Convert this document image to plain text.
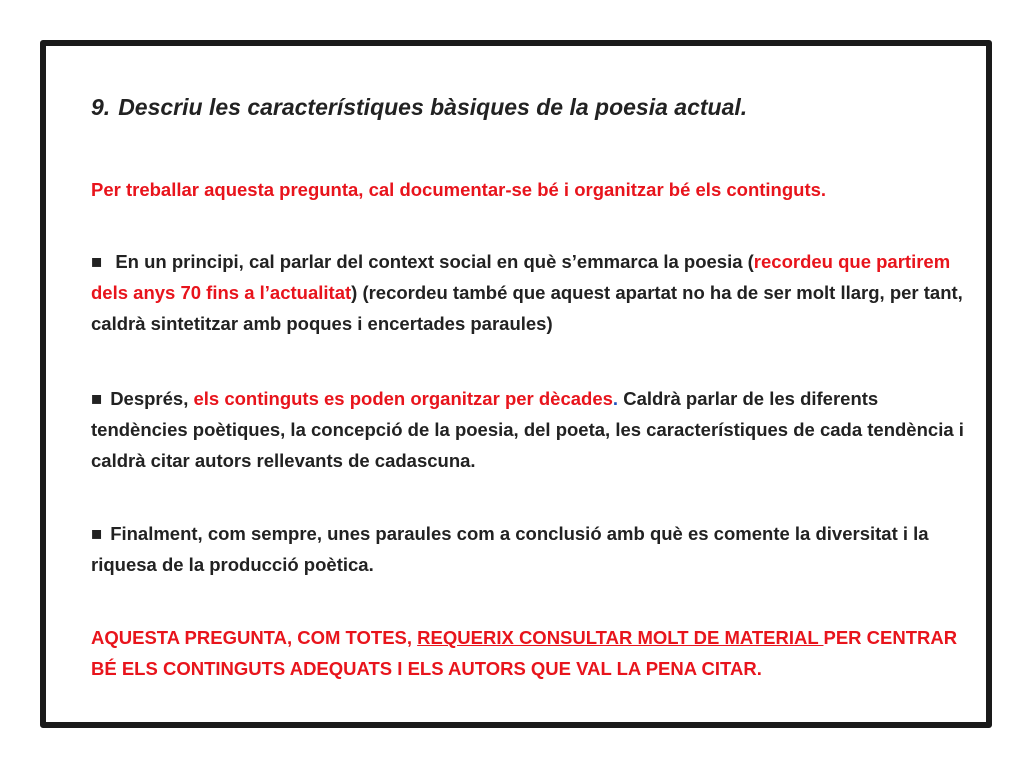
9. Descriu les característiques bàsiques de la poesia actual.

Per treballar aquesta pregunta, cal documentar-se bé i organitzar bé els continguts.

■ En un principi, cal parlar del context social en què s’emmarca la poesia (recordeu que partirem dels anys 70 fins a l’actualitat) (recordeu també que aquest apartat no ha de ser molt llarg, per tant, caldrà sintetitzar amb poques i encertades paraules)

■ Després, els continguts es poden organitzar per dècades. Caldrà parlar de les diferents tendències poètiques, la concepció de la poesia, del poeta, les característiques de cada tendència i caldrà citar autors rellevants de cadascuna.

■ Finalment, com sempre, unes paraules com a conclusió amb què es comente la diversitat i la riquesa de la producció poètica.

AQUESTA PREGUNTA, COM TOTES, REQUERIX CONSULTAR MOLT DE MATERIAL PER CENTRAR BÉ ELS CONTINGUTS ADEQUATS I ELS AUTORS QUE VAL LA PENA CITAR.
